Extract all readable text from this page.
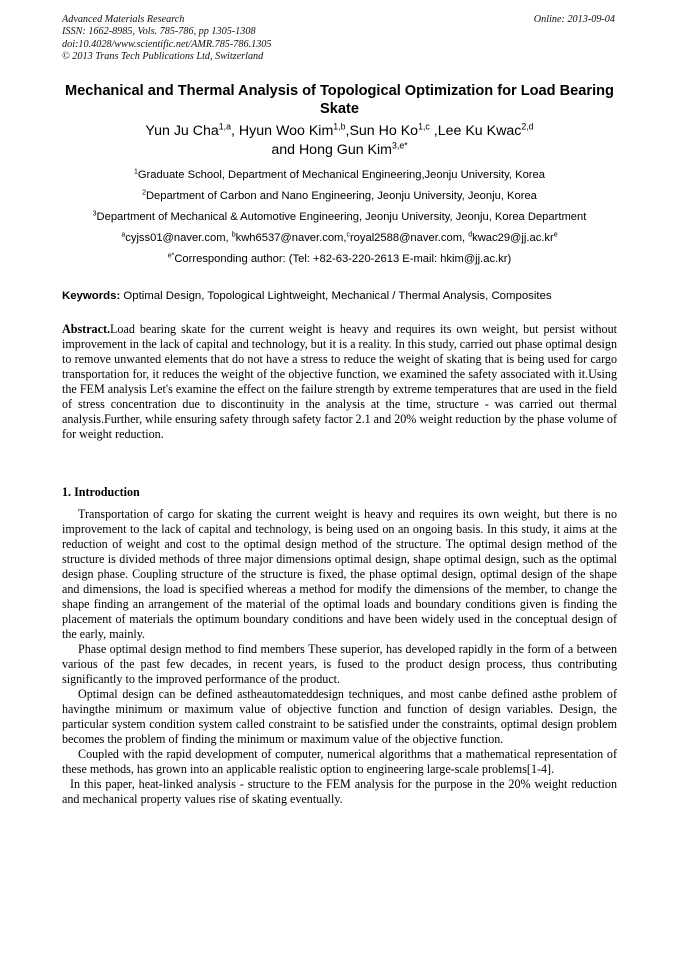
Advanced Materials Research
ISSN: 1662-8985, Vols. 785-786, pp 1305-1308
doi:10.4028/www.scientific.net/AMR.785-786.1305
© 2013 Trans Tech Publications Ltd, Switzerland
Online: 2013-09-04
Mechanical and Thermal Analysis of Topological Optimization for Load Bearing Skate
Yun Ju Cha$^{1,a}$, Hyun Woo Kim$^{1,b}$,Sun Ho Ko$^{1,c}$ ,Lee Ku Kwac$^{2,d}$
and Hong Gun Kim$^{3,e*}$
$^1$Graduate School, Department of Mechanical Engineering,Jeonju University, Korea
$^2$Department of Carbon and Nano Engineering, Jeonju University, Jeonju, Korea
$^3$Department of Mechanical & Automotive Engineering, Jeonju University, Jeonju, Korea Department
$^a$cyjss01@naver.com, $^b$kwh6537@naver.com,$^c$royal2588@naver.com, $^dkwac29@jj.ac.kr^e$
$^{e*}$Corresponding author: (Tel: +82-63-220-2613 E-mail: hkim@jj.ac.kr)
Keywords: Optimal Design, Topological Lightweight, Mechanical / Thermal Analysis, Composites

Abstract.Load bearing skate for the current weight is heavy and requires its own weight, but persist without improvement in the lack of capital and technology, but it is a reality. In this study, carried out phase optimal design to remove unwanted elements that do not have a stress to reduce the weight of skating that is being used for cargo transportation for, it reduces the weight of the objective function, we examined the safety associated with it.Using the FEM analysis Let's examine the effect on the failure strength by extreme temperatures that are used in the field of stress concentration due to discontinuity in the analysis at the time, structure - was carried out thermal analysis.Further, while ensuring safety through safety factor 2.1 and 20% weight reduction by the phase volume of for weight reduction.

1. Introduction

Transportation of cargo for skating the current weight is heavy and requires its own weight, but there is no improvement to the lack of capital and technology, is being used on an ongoing basis. In this study, it aims at the reduction of weight and cost to the optimal design method of the structure. The optimal design method of the structure is divided methods of three major dimensions optimal design, shape optimal design, such as the optimal design phase. Coupling structure of the structure is fixed, the phase optimal design, optimal design of the shape and dimensions, the load is specified whereas a method for modify the dimensions of the member, to change the shape finding an arrangement of the material of the optimal loads and boundary conditions given is finding the placement of materials the optimum boundary conditions and have been widely used in the conceptual design of the early, mainly.

Phase optimal design method to find members These superior, has developed rapidly in the form of a between various of the past few decades, in recent years, is fused to the product design process, thus contributing significantly to the improved performance of the product.

Optimal design can be defined astheautomateddesign techniques, and most canbe defined asthe problem of havingthe minimum or maximum value of objective function and function of design variables. Design, the particular system condition system called constraint to be satisfied under the constraints, optimal design problem becomes the problem of finding the minimum or maximum value of the objective function.

Coupled with the rapid development of computer, numerical algorithms that a mathematical representation of these methods, has grown into an applicable realistic option to engineering large-scale problems[1-4].

In this paper, heat-linked analysis - structure to the FEM analysis for the purpose in the 20% weight reduction and mechanical property values rise of skating eventually.
